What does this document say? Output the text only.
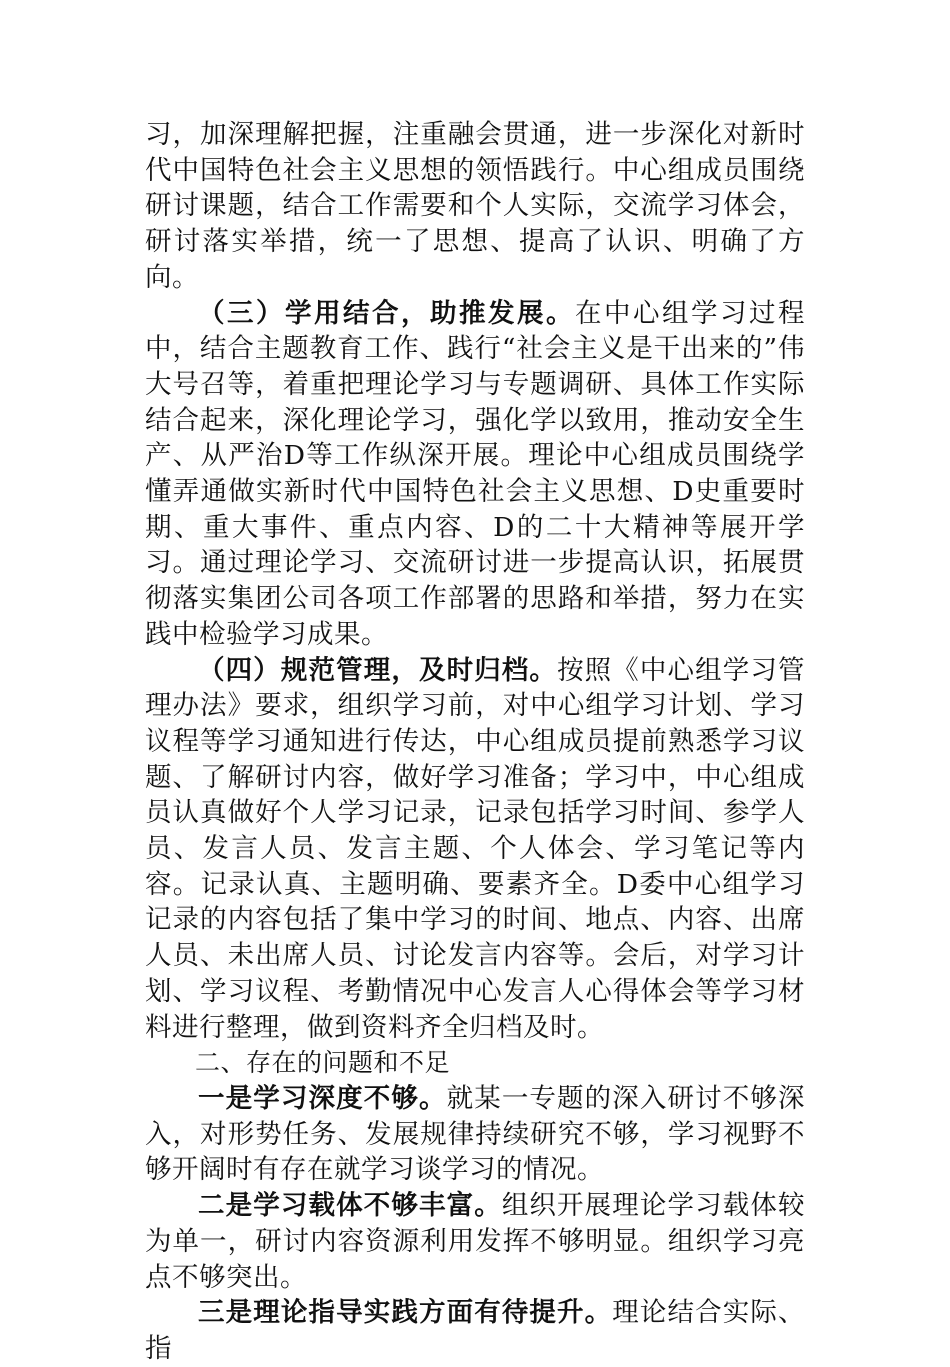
习，加深理解把握，注重融会贯通，进一步深化对新时代中国特色社会主义思想的领悟践行。中心组成员围绕研讨课题，结合工作需要和个人实际，交流学习体会，研讨落实举措，统一了思想、提高了认识、明确了方向。

（三）学用结合，助推发展。在中心组学习过程中，结合主题教育工作、践行“社会主义是干出来的”伟大号召等，着重把理论学习与专题调研、具体工作实际结合起来，深化理论学习，强化学以致用，推动安全生产、从严治D等工作纵深开展。理论中心组成员围绕学懂弄通做实新时代中国特色社会主义思想、D史重要时期、重大事件、重点内容、D的二十大精神等展开学习。通过理论学习、交流研讨进一步提高认识，拓展贯彻落实集团公司各项工作部署的思路和举措，努力在实践中检验学习成果。

（四）规范管理，及时归档。按照《中心组学习管理办法》要求，组织学习前，对中心组学习计划、学习议程等学习通知进行传达，中心组成员提前熟悉学习议题、了解研讨内容，做好学习准备；学习中，中心组成员认真做好个人学习记录，记录包括学习时间、参学人员、发言人员、发言主题、个人体会、学习笔记等内容。记录认真、主题明确、要素齐全。D委中心组学习记录的内容包括了集中学习的时间、地点、内容、出席人员、未出席人员、讨论发言内容等。会后，对学习计划、学习议程、考勤情况中心发言人心得体会等学习材料进行整理，做到资料齐全归档及时。

二、存在的问题和不足

一是学习深度不够。就某一专题的深入研讨不够深入，对形势任务、发展规律持续研究不够，学习视野不够开阔时有存在就学习谈学习的情况。

二是学习载体不够丰富。组织开展理论学习载体较为单一，研讨内容资源利用发挥不够明显。组织学习亮点不够突出。

三是理论指导实践方面有待提升。理论结合实际、指
